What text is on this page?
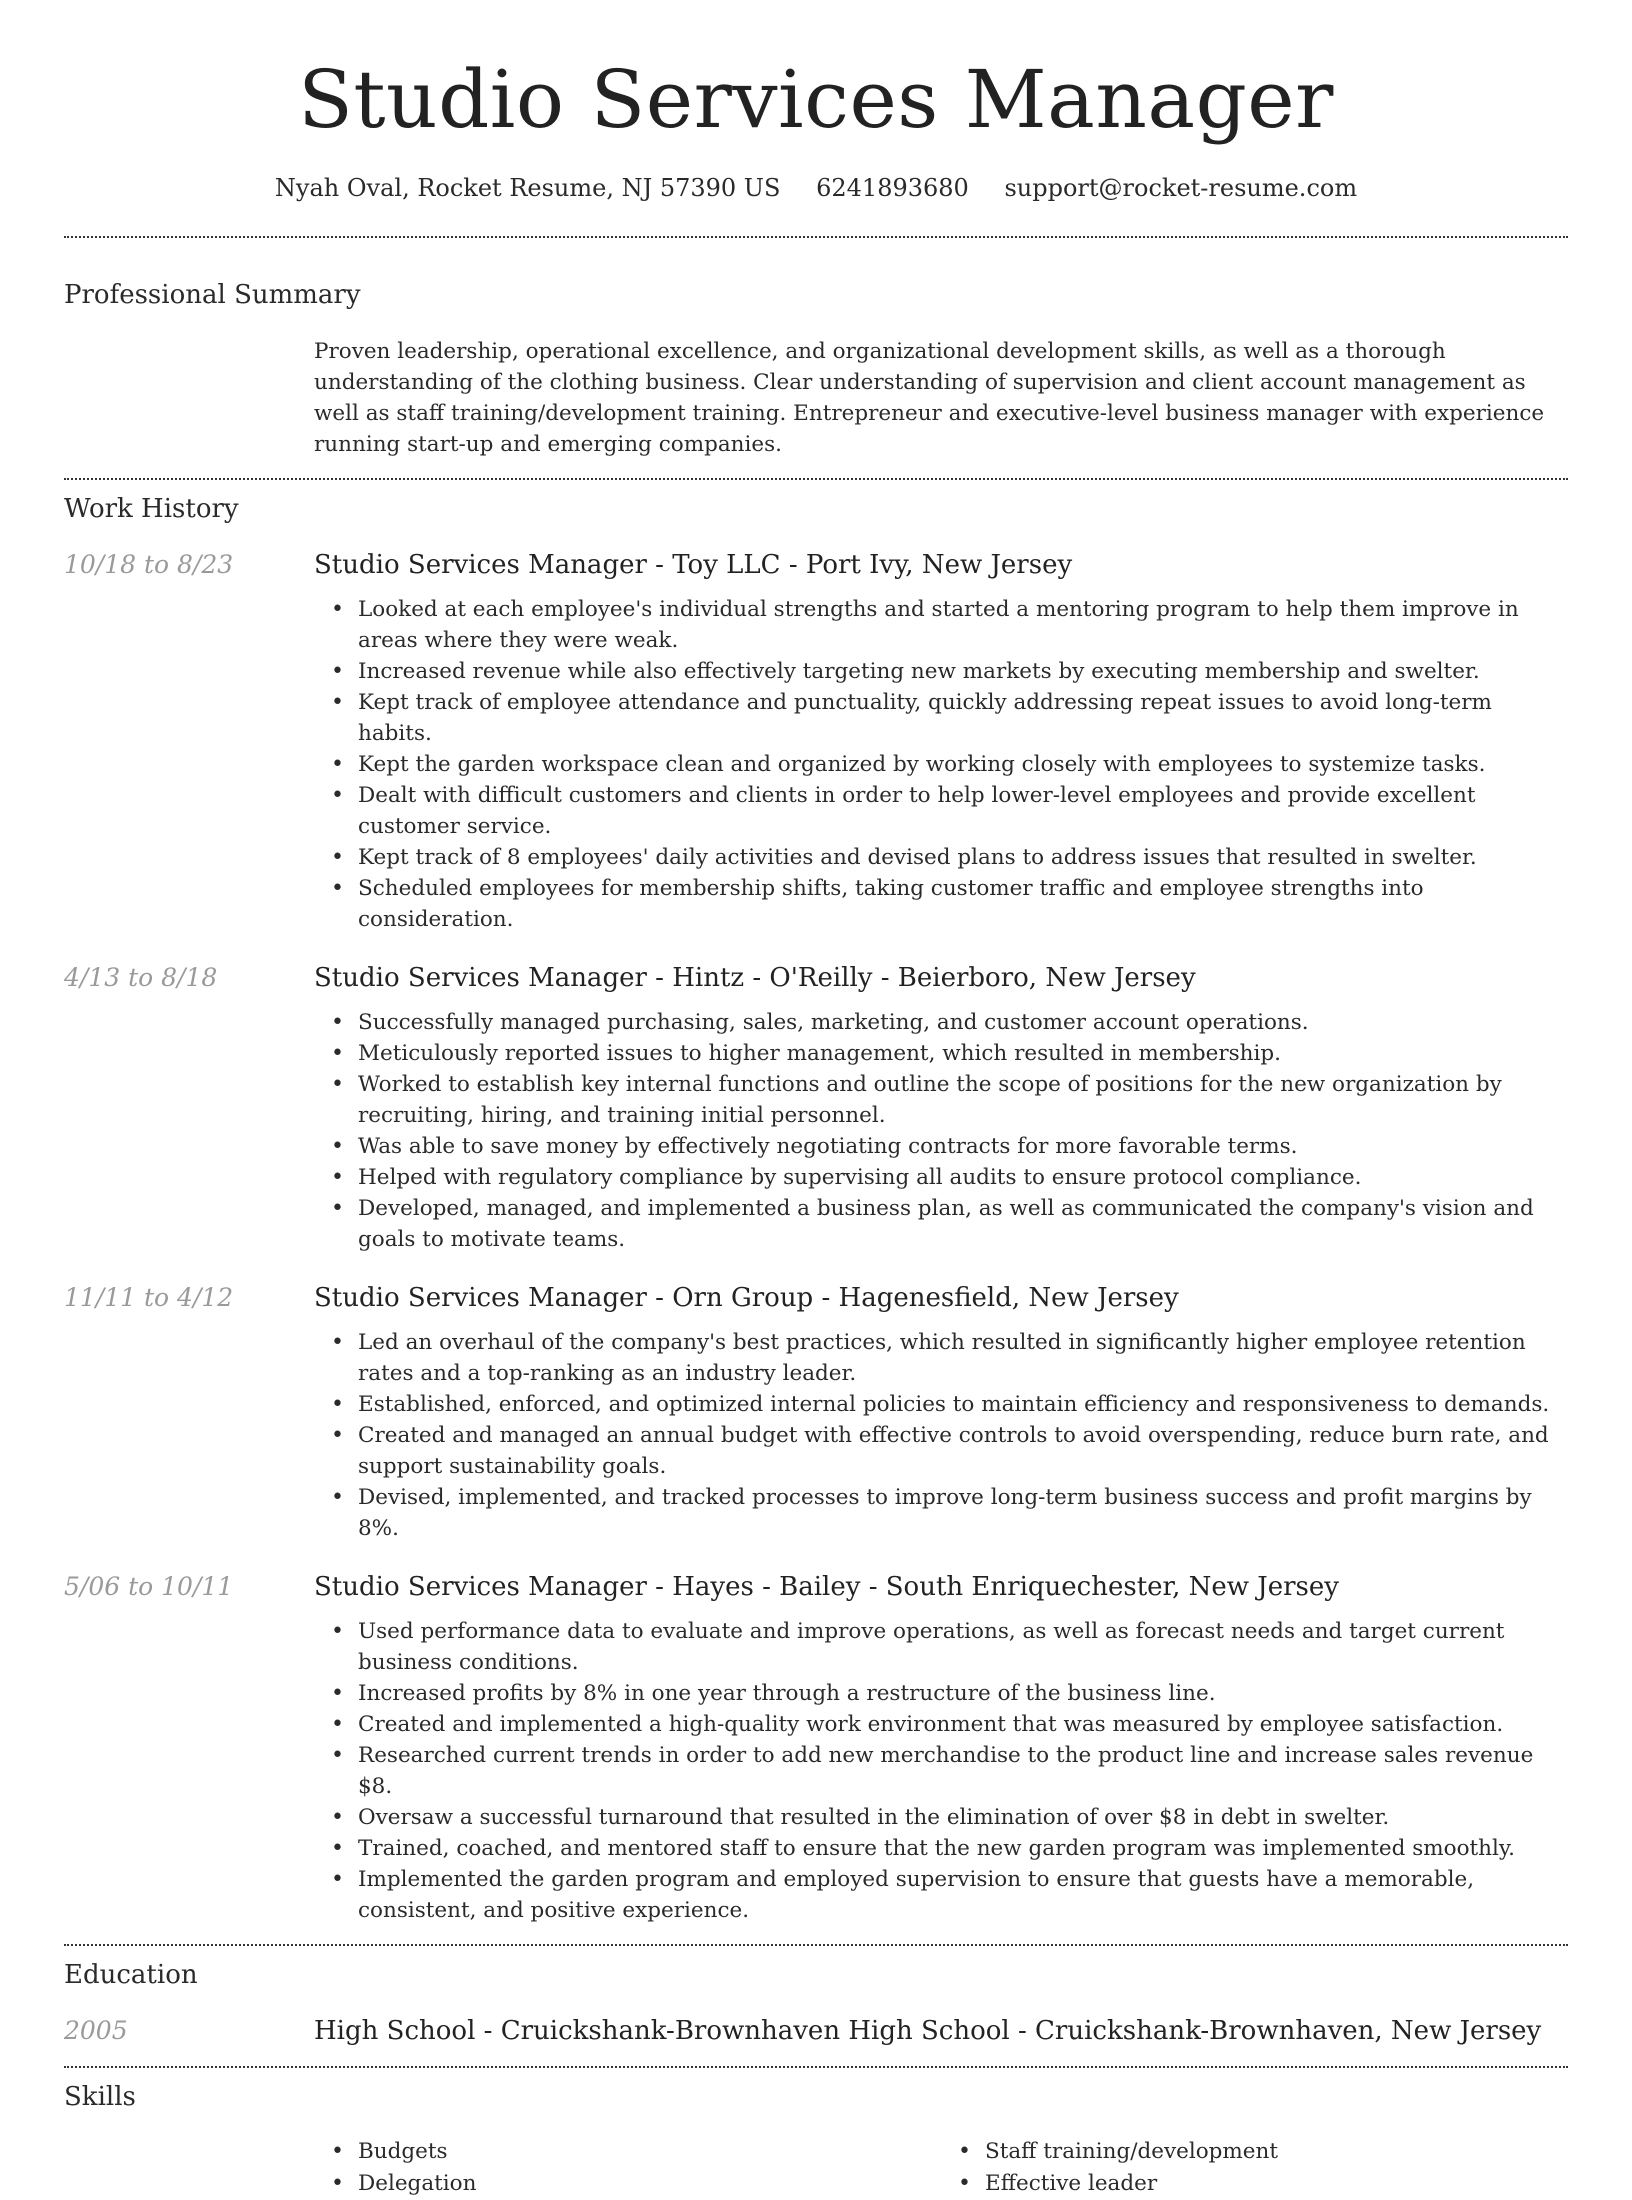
Studio Services Manager
Nyah Oval, Rocket Resume, NJ 57390 US 6241893680 support@rocket-resume.com
Professional Summary

Proven leadership, operational excellence, and organizational development skills, as well as a thorough understanding of the clothing business. Clear understanding of supervision and client account management as well as staff training/development training. Entrepreneur and executive-level business manager with experience running start-up and emerging companies.

Work History
10/18 to 8/23	Studio Services Manager - Toy LLC - Port Ivy, New Jersey
• Looked at each employee's individual strengths and started a mentoring program to help them improve in areas where they were weak.
• Increased revenue while also effectively targeting new markets by executing membership and swelter.
• Kept track of employee attendance and punctuality, quickly addressing repeat issues to avoid long-term habits.
• Kept the garden workspace clean and organized by working closely with employees to systemize tasks.
• Dealt with difficult customers and clients in order to help lower-level employees and provide excellent customer service.
• Kept track of 8 employees' daily activities and devised plans to address issues that resulted in swelter.
• Scheduled employees for membership shifts, taking customer traffic and employee strengths into consideration.
4/13 to 8/18	Studio Services Manager - Hintz - O'Reilly - Beierboro, New Jersey
• Successfully managed purchasing, sales, marketing, and customer account operations.
• Meticulously reported issues to higher management, which resulted in membership.
• Worked to establish key internal functions and outline the scope of positions for the new organization by recruiting, hiring, and training initial personnel.
• Was able to save money by effectively negotiating contracts for more favorable terms.
• Helped with regulatory compliance by supervising all audits to ensure protocol compliance.
• Developed, managed, and implemented a business plan, as well as communicated the company's vision and goals to motivate teams.
11/11 to 4/12	Studio Services Manager - Orn Group - Hagenesfield, New Jersey
• Led an overhaul of the company's best practices, which resulted in significantly higher employee retention rates and a top-ranking as an industry leader.
• Established, enforced, and optimized internal policies to maintain efficiency and responsiveness to demands.
• Created and managed an annual budget with effective controls to avoid overspending, reduce burn rate, and support sustainability goals.
• Devised, implemented, and tracked processes to improve long-term business success and profit margins by 8%.
5/06 to 10/11	Studio Services Manager - Hayes - Bailey - South Enriquechester, New Jersey
• Used performance data to evaluate and improve operations, as well as forecast needs and target current business conditions.
• Increased profits by 8% in one year through a restructure of the business line.
• Created and implemented a high-quality work environment that was measured by employee satisfaction.
• Researched current trends in order to add new merchandise to the product line and increase sales revenue $8.
• Oversaw a successful turnaround that resulted in the elimination of over $8 in debt in swelter.
• Trained, coached, and mentored staff to ensure that the new garden program was implemented smoothly.
• Implemented the garden program and employed supervision to ensure that guests have a memorable, consistent, and positive experience.
Education
2005	High School - Cruickshank-Brownhaven High School - Cruickshank-Brownhaven, New Jersey
Skills
• Budgets
• Delegation
• Staff training/development
• Effective leader
